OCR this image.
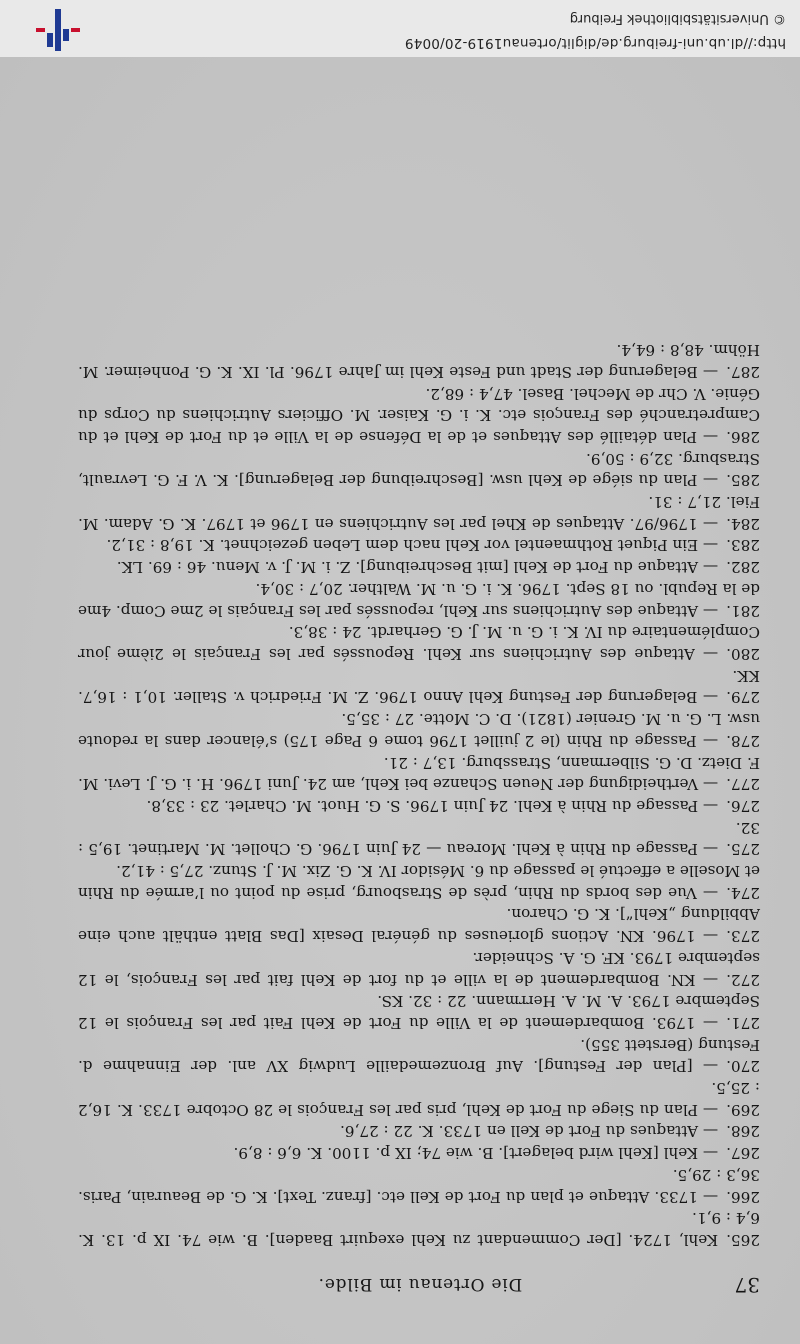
37
Die Ortenau im Bilde.
265.Kehl, 1724. [Der Commendant zu Kehl exequirt Baaden]. B. wie 74. IX p. 13. K. 6,4 : 9,1.
266.— 1733. Attaque et plan du Fort de Kell etc. [franz. Text]. K. G. de Beaurain, Paris. 36,3 : 29,5.
267.— Kehl [Kehl wird belagert]. B. wie 74; IX p. 1100. K. 6,6 : 8,9.
268.— Attaques du Fort de Kell en 1733. K. 22 : 27,6.
269.— Plan du Siege du Fort de Kehl, pris par les François le 28 Octobre 1733. K. 16,2 : 25,5.
270.— [Plan der Festung]. Auf Bronzemedaille Ludwig XV anl. der Einnahme d. Festung (Berstett 355).
271.— 1793. Bombardement de la Ville du Fort de Kehl Fait par les François le 12 Septembre 1793. A. M. A. Herrmann. 22 : 32. KS.
272.— KN. Bombardement de la ville et du fort de Kehl fait par les François, le 12 septembre 1793. KF. G. A. Schneider.
273.— 1796. KN. Actions glorieuses du général Desaix [Das Blatt enthält auch eine Abbildung „Kehl“]. K. G. Charon.
274.— Vue des bords du Rhin, près de Strasbourg, prise du point ou l’armée du Rhin et Moselle a effectué le passage du 6. Mésidor IV. K. G. Zix. M. J. Stunz. 27,5 : 41,2.
275.— Passage du Rhin à Kehl. Moreau — 24 Juin 1796. G. Chollet. M. Martinet. 19,5 : 32.
276.— Passage du Rhin à Kehl. 24 Juin 1796. S. G. Huot. M. Charlet. 23 : 33,8.
277.— Vertheidigung der Neuen Schanze bei Kehl, am 24. Juni 1796. H. i. G. J. Levi. M. F. Dietz. D. G. Silbermann, Strassburg. 13,7 : 21.
278.— Passage du Rhin (le 2 juillet 1796 tome 6 Page 175) s’élancer dans la redoute usw. L. G. u. M. Grenier (1821). D. C. Motte. 27 : 35,5.
279.— Belagerung der Festung Kehl Anno 1796. Z. M. Friedrich v. Staller. 10,1 : 16,7. KK.
280.— Attaque des Autrichiens sur Kehl. Repoussés par les Français le 2ième jour Complémentaire du IV. K. i. G. u. M. J. G. Gerhardt. 24 : 38,3.
281.— Attaque des Autrichiens sur Kehl, repoussés par les Français le 2me Comp. 4me de la Republ. ou 18 Sept. 1796. K. i. G. u. M. Walther. 20,7 : 30,4.
282.— Attaque du Fort de Kehl [mit Beschreibung]. Z. i. M. J. v. Menu. 46 : 69. LK.
283.— Ein Piquet Rothmaentel vor Kehl nach dem Leben gezeichnet. K. 19,8 : 31,2.
284.— 1796/97. Attaques de Khel par les Autrichiens en 1796 et 1797. K. G. Adam. M. Fiel. 21,7 : 31.
285.— Plan du siége de Kehl usw. [Beschreibung der Belagerung]. K. V. F. G. Levrault, Strasburg. 32,9 : 50,9.
286.— Plan détaillé des Attaques et de la Défense de la Ville et du Fort de Kehl et du Campretranché des Franςois etc. K. i. G. Kaiser. M. Officiers Autrichiens du Corps du Génie. V. Chr de Mechel. Basel. 47,4 : 68,2.
287.— Belagerung der Stadt und Feste Kehl im Jahre 1796. Pl. IX. K. G. Ponheimer. M. Höhm. 48,8 : 64,4.
http://dl.ub.uni-freiburg.de/diglit/ortenau1919-20/0049
© Universitätsbibliothek Freiburg
